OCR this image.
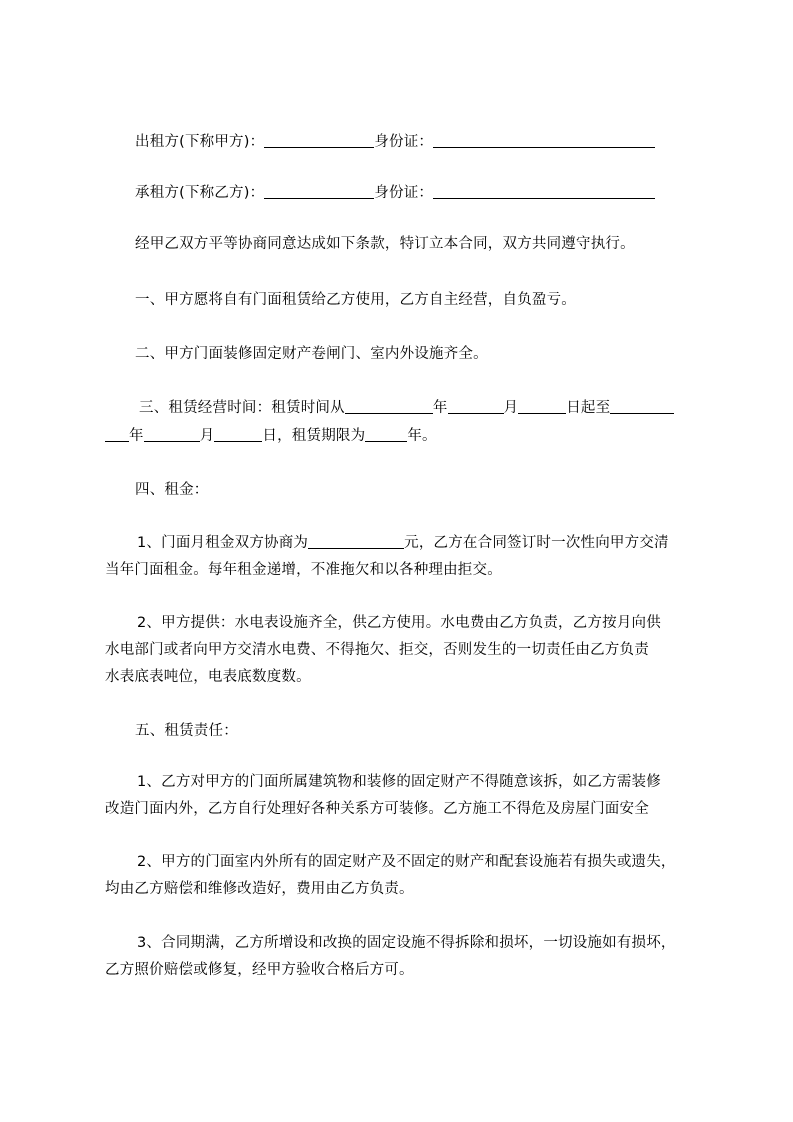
出租方(下称甲方)：	身份证：
承租方(下称乙方)：	身份证：
经甲乙双方平等协商同意达成如下条款，特订立本合同，双方共同遵守执行。
一、甲方愿将自有门面租赁给乙方使用，乙方自主经营，自负盈亏。
二、甲方门面装修固定财产卷闸门、室内外设施齐全。
三、租赁经营时间：租赁时间从	年	月	日起至
年	月	日，租赁期限为	年。
四、租金：
1、门面月租金双方协商为	元，乙方在合同签订时一次性向甲方交清
当年门面租金。每年租金递增，不准拖欠和以各种理由拒交。
2、甲方提供：水电表设施齐全，供乙方使用。水电费由乙方负责，乙方按月向供
水电部门或者向甲方交清水电费、不得拖欠、拒交，否则发生的一切责任由乙方负责
水表底表吨位，电表底数度数。
五、租赁责任：
1、乙方对甲方的门面所属建筑物和装修的固定财产不得随意该拆，如乙方需装修
改造门面内外，乙方自行处理好各种关系方可装修。乙方施工不得危及房屋门面安全
2、甲方的门面室内外所有的固定财产及不固定的财产和配套设施若有损失或遗失，
均由乙方赔偿和维修改造好，费用由乙方负责。
3、合同期满，乙方所增设和改换的固定设施不得拆除和损坏，一切设施如有损坏，
乙方照价赔偿或修复，经甲方验收合格后方可。
